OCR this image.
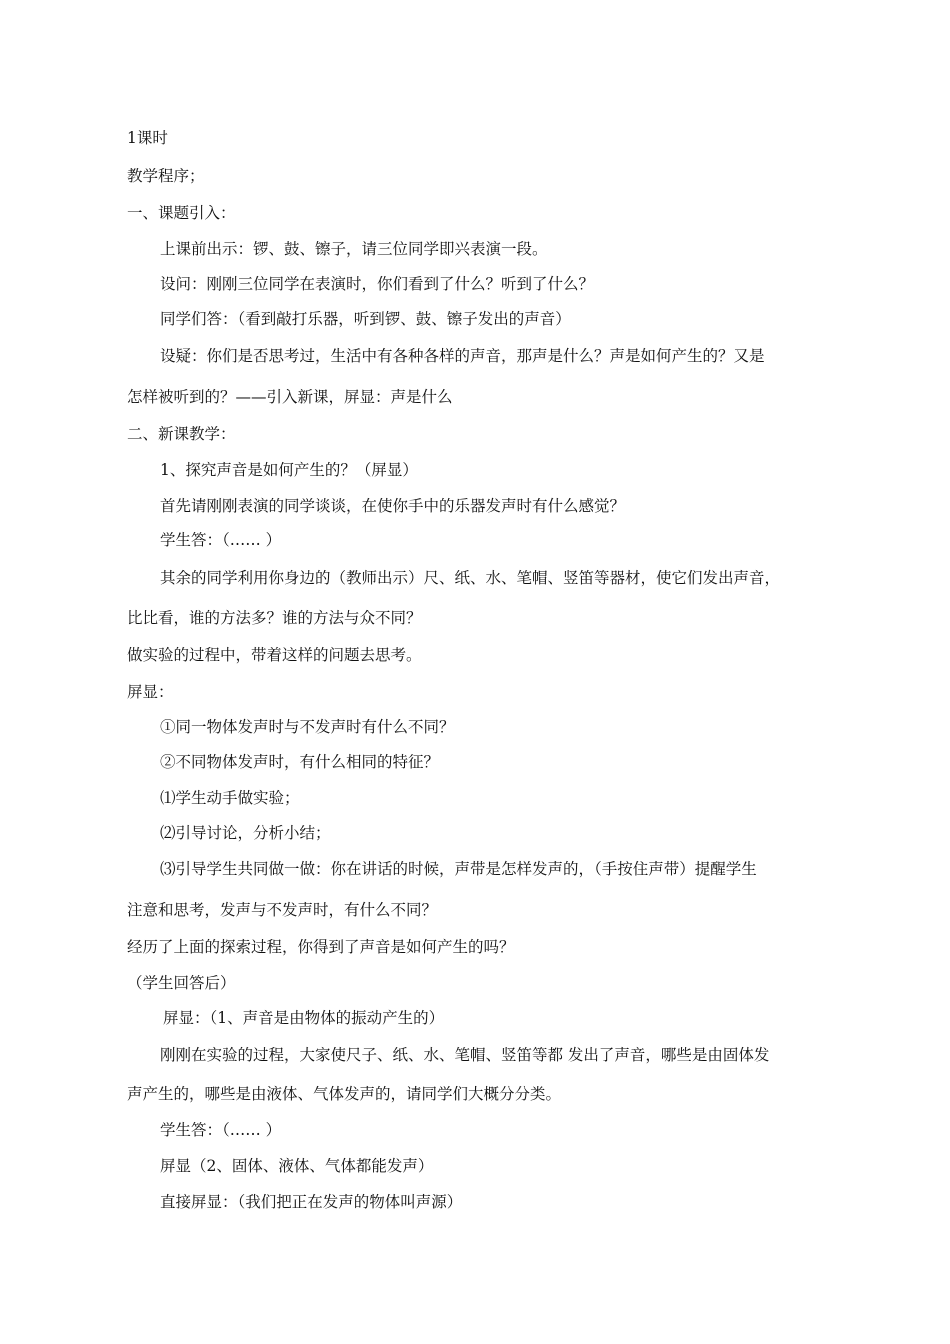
1课时
教学程序；
一、课题引入：
上课前出示：锣、鼓、镲子，请三位同学即兴表演一段。
设问：刚刚三位同学在表演时，你们看到了什么？听到了什么？
同学们答：（看到敲打乐器，听到锣、鼓、镲子发出的声音）
设疑：你们是否思考过，生活中有各种各样的声音，那声是什么？声是如何产生的？又是
怎样被听到的？——引入新课，屏显：声是什么
二、新课教学：
1、探究声音是如何产生的？（屏显）
首先请刚刚表演的同学谈谈，在使你手中的乐器发声时有什么感觉？
学生答：（…… ）
其余的同学利用你身边的（教师出示）尺、纸、水、笔帽、竖笛等器材，使它们发出声音，
比比看，谁的方法多？谁的方法与众不同？
做实验的过程中，带着这样的问题去思考。
屏显：
①同一物体发声时与不发声时有什么不同？
②不同物体发声时，有什么相同的特征？
⑴学生动手做实验；
⑵引导讨论，分析小结；
⑶引导学生共同做一做：你在讲话的时候，声带是怎样发声的，（手按住声带）提醒学生
注意和思考，发声与不发声时，有什么不同？
经历了上面的探索过程，你得到了声音是如何产生的吗？
（学生回答后）
屏显：（1、声音是由物体的振动产生的）
刚刚在实验的过程，大家使尺子、纸、水、笔帽、竖笛等都 发出了声音，哪些是由固体发
声产生的，哪些是由液体、气体发声的，请同学们大概分分类。
学生答：（…… ）
屏显（2、固体、液体、气体都能发声）
直接屏显：（我们把正在发声的物体叫声源）
